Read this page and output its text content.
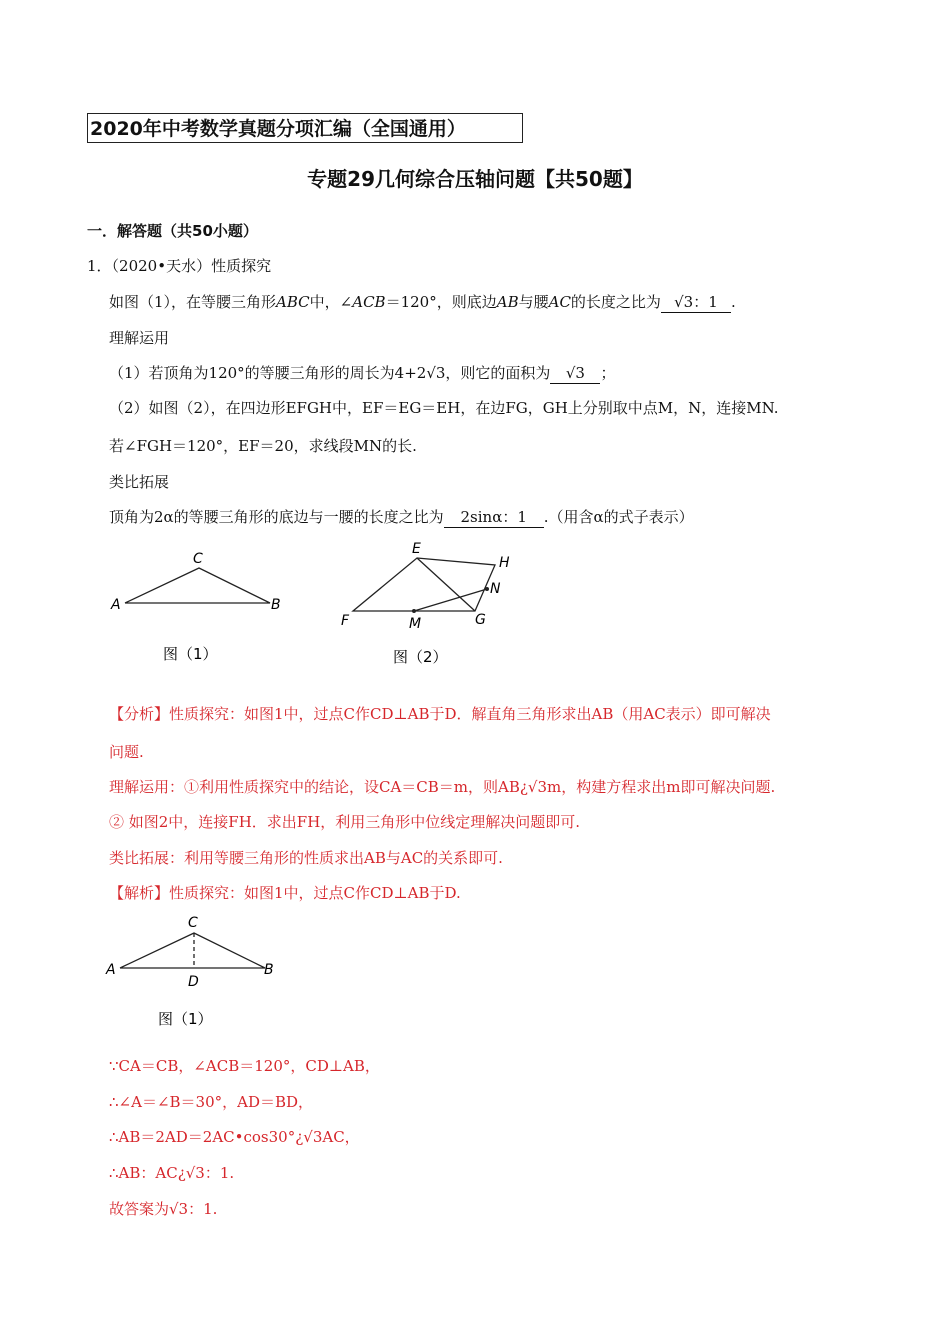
2020年中考数学真题分项汇编（全国通用）
专题29几何综合压轴问题【共50题】
一．解答题（共50小题）
1．（2020•天水）性质探究
如图（1），在等腰三角形ABC中，∠ACB＝120°，则底边AB与腰AC的长度之比为 √3：1 .
理解运用
（1）若顶角为120°的等腰三角形的周长为4+2√3，则它的面积为 √3 ；
（2）如图（2），在四边形EFGH中，EF＝EG＝EH，在边FG，GH上分别取中点M，N，连接MN.
若∠FGH＝120°，EF＝20，求线段MN的长.
类比拓展
顶角为2α的等腰三角形的底边与一腰的长度之比为 2sinα：1 .（用含α的式子表示）
C
A	B
图（1）
E
H
N
F	M	G
图（2）
【分析】性质探究：如图1中，过点C作CD⊥AB于D．解直角三角形求出AB（用AC表示）即可解决
问题.
理解运用：①利用性质探究中的结论，设CA＝CB＝m，则AB¿√3m，构建方程求出m即可解决问题.
② 如图2中，连接FH．求出FH，利用三角形中位线定理解决问题即可.
类比拓展：利用等腰三角形的性质求出AB与AC的关系即可.
【解析】性质探究：如图1中，过点C作CD⊥AB于D.
C
A	B
D
图（1）
∵CA＝CB，∠ACB＝120°，CD⊥AB，
∴∠A＝∠B＝30°，AD＝BD，
∴AB＝2AD＝2AC•cos30°¿√3AC，
∴AB：AC¿√3：1.
故答案为√3：1.
